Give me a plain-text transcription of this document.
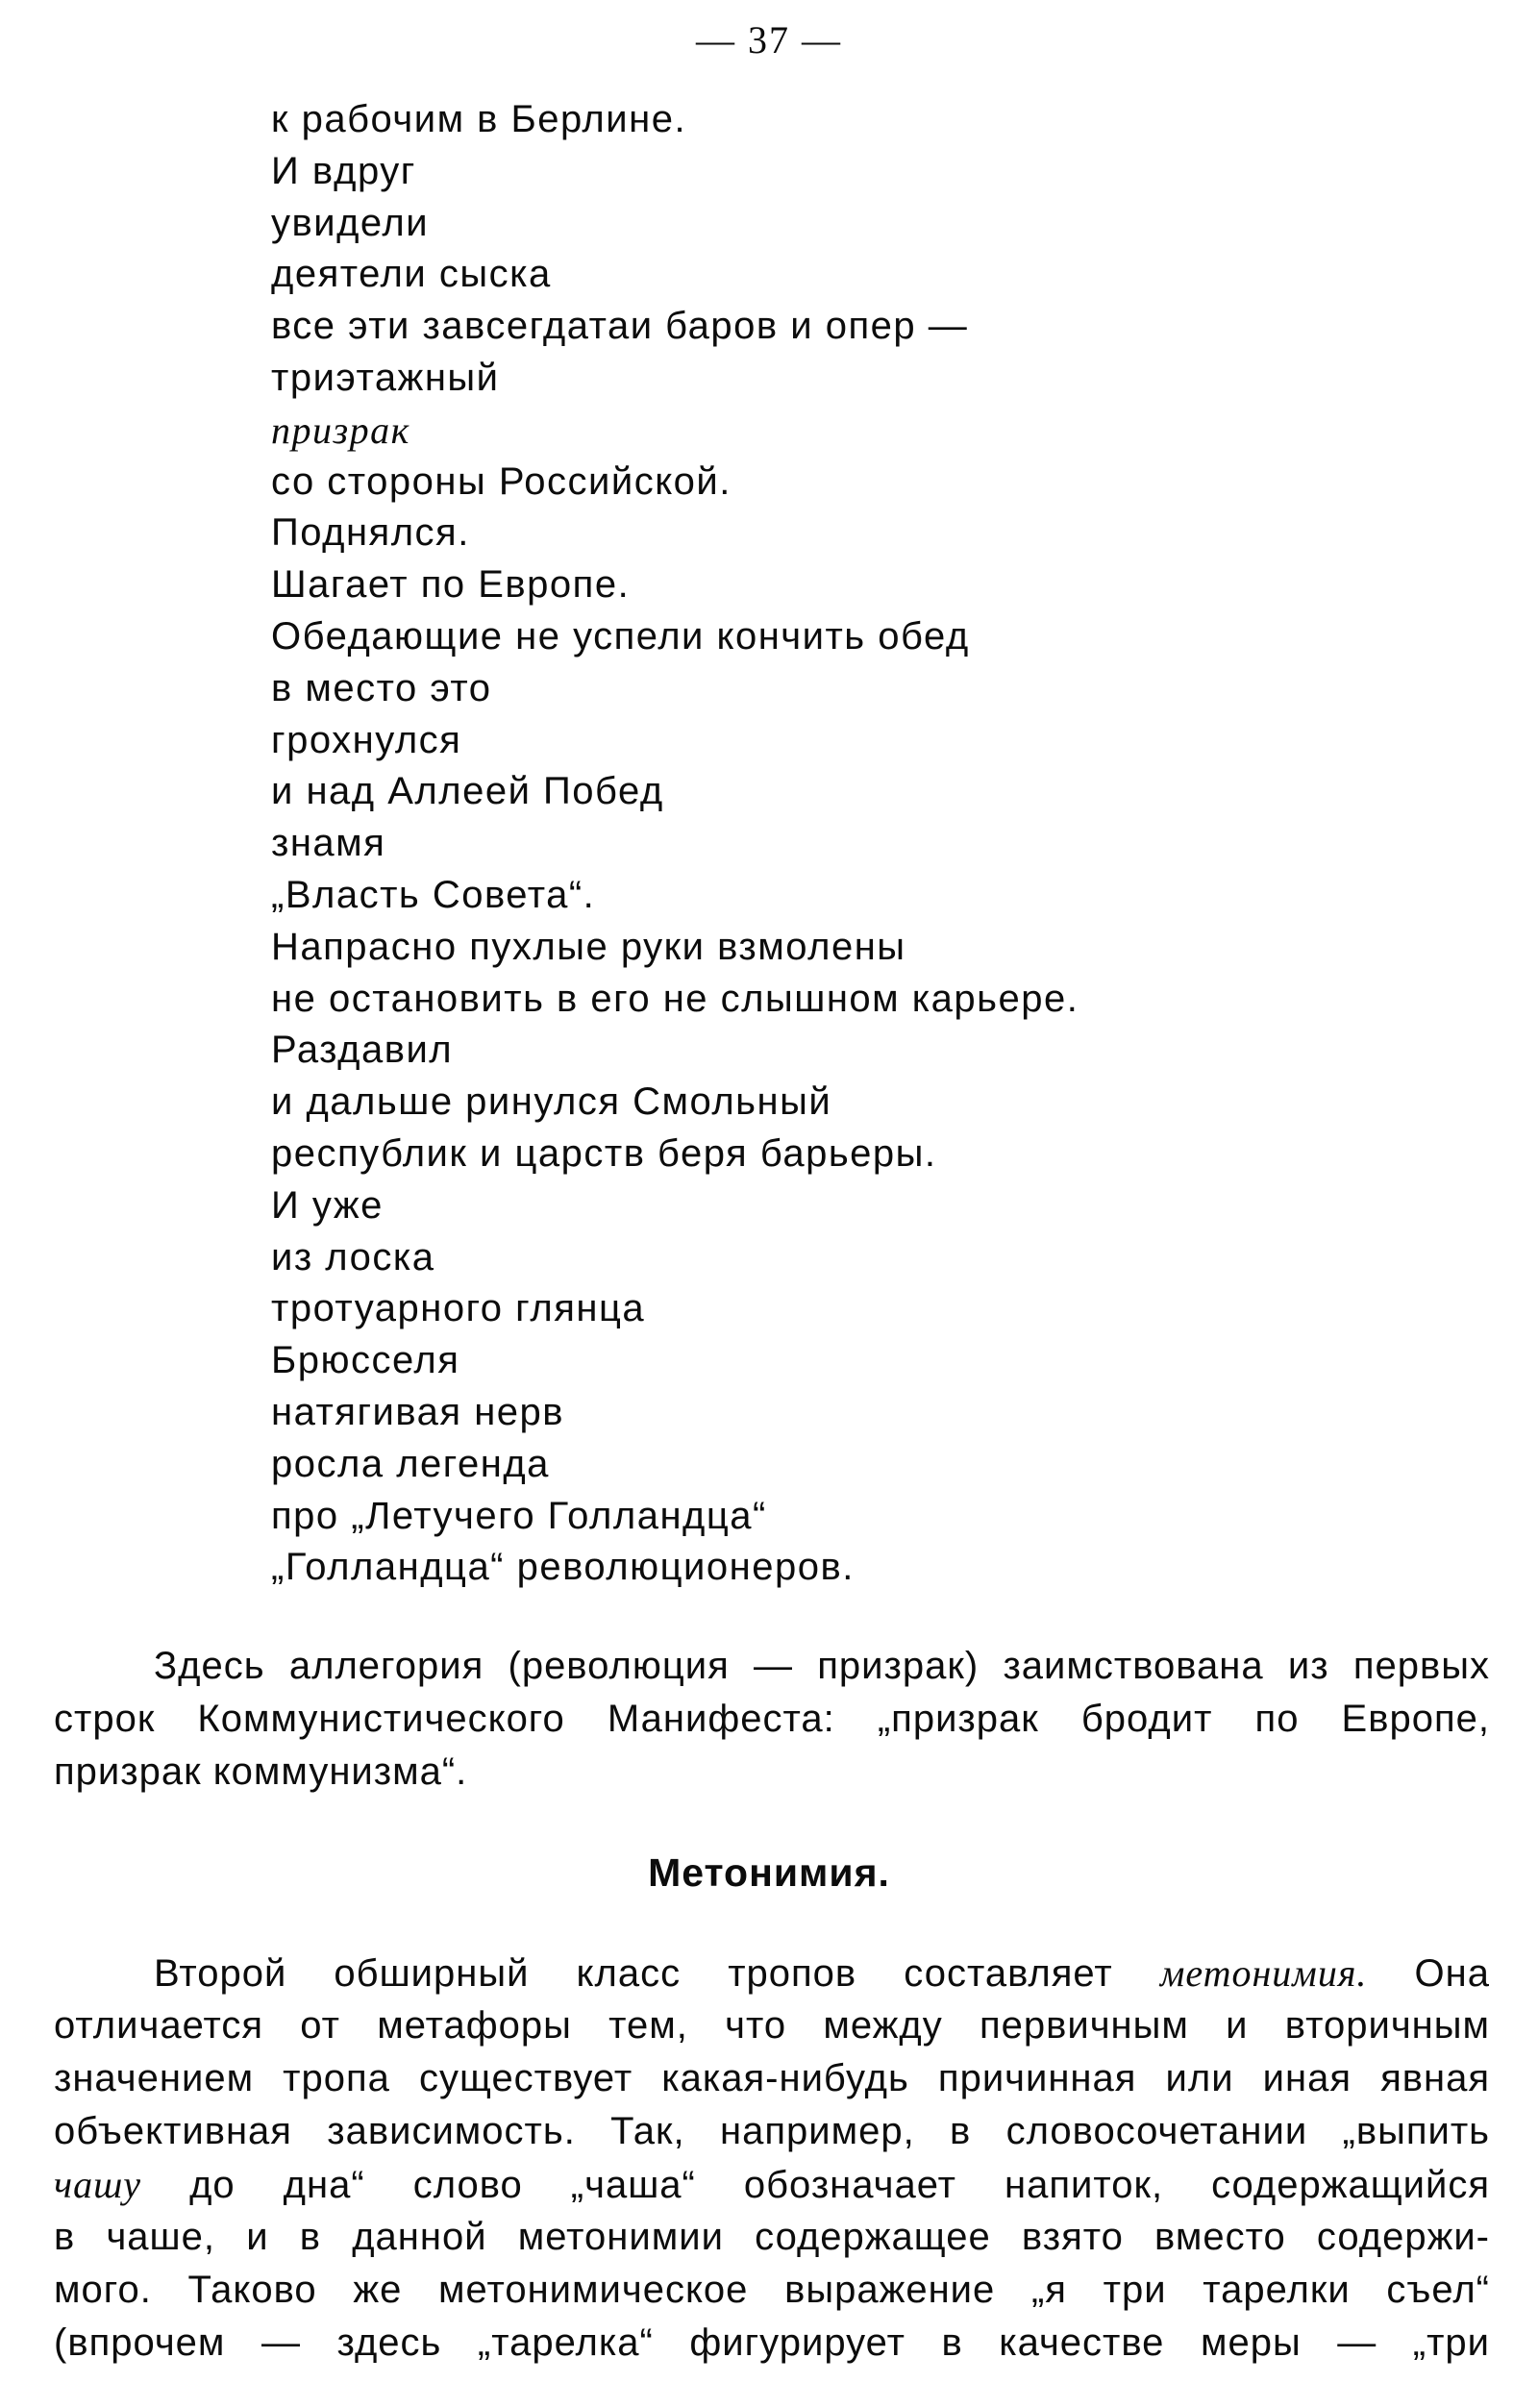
— 37 —
к рабочим в Берлине.
И вдруг
увидели
деятели сыска
все эти завсегдатаи баров и опер —
триэтажный
призрак
со стороны Российской.
Поднялся.
Шагает по Европе.
Обедающие не успели кончить обед
в место это
грохнулся
и над Аллеей Побед
знамя
„Власть Совета“.
Напрасно пухлые руки взмолены
не остановить в его не слышном карьере.
Раздавил
и дальше ринулся Смольный
республик и царств беря барьеры.
И уже
из лоска
тротуарного глянца
Брюсселя
натягивая нерв
росла легенда
про „Летучего Голландца“
„Голландца“ революционеров.
Здесь аллегория (революция — призрак) заимствована из первых
строк Коммунистического Манифеста: „призрак бродит по Европе,
призрак коммунизма“.
Метонимия.
Второй обширный класс тропов составляет метонимия. Она
отличается от метафоры тем, что между первичным и вторичным
значением тропа существует какая-нибудь причинная или иная явная
объективная зависимость. Так, например, в словосочетании „выпить
чашу до дна“ слово „чаша“ обозначает напиток, содержащийся
в чаше, и в данной метонимии содержащее взято вместо содержи-
мого. Таково же метонимическое выражение „я три тарелки съел“
(впрочем — здесь „тарелка“ фигурирует в качестве меры — „три
